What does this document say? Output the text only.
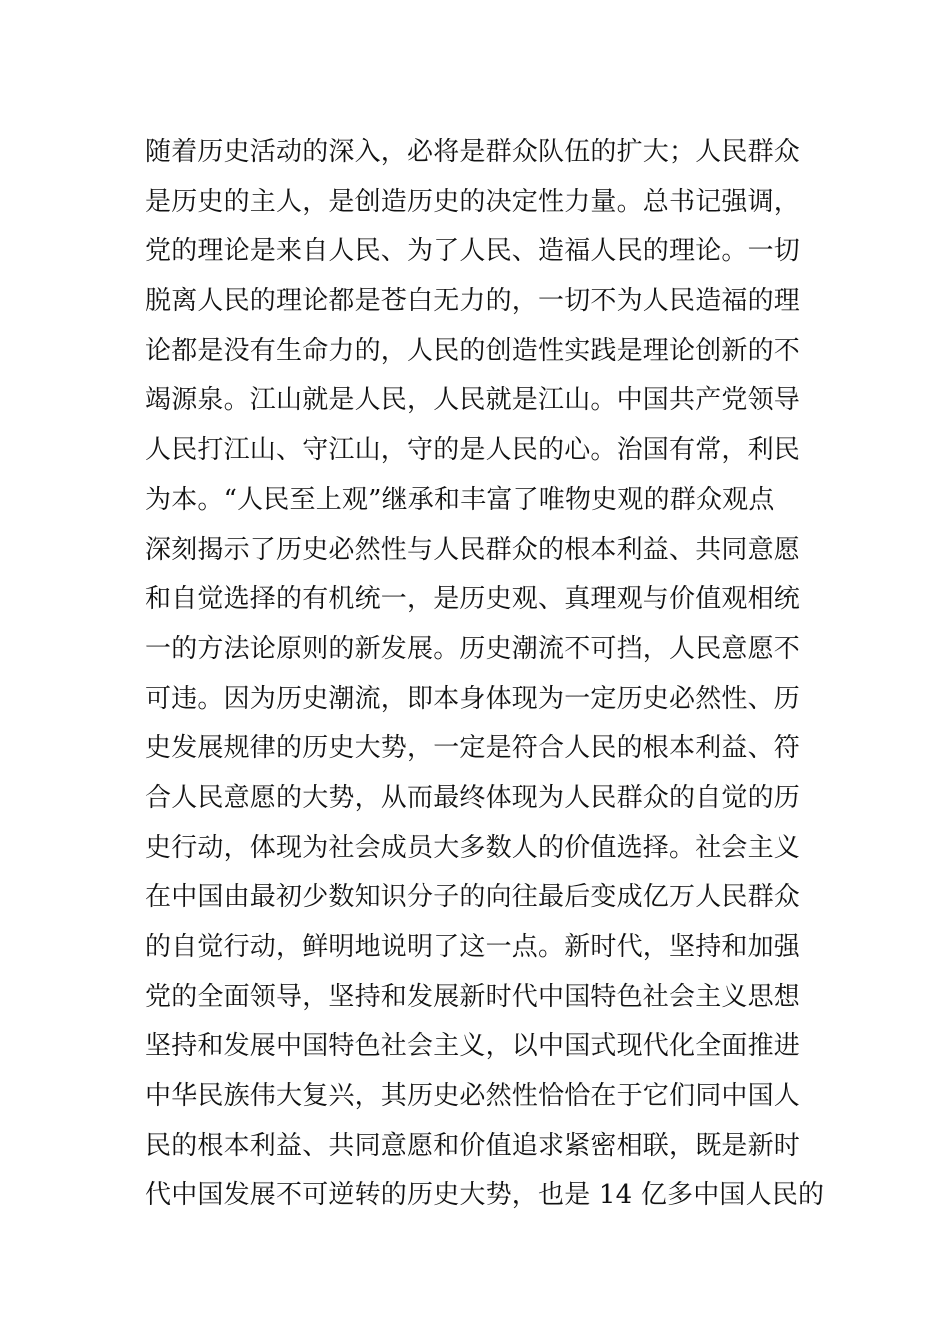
随着历史活动的深入，必将是群众队伍的扩大；人民群众
是历史的主人，是创造历史的决定性力量。总书记强调，
党的理论是来自人民、为了人民、造福人民的理论。一切
脱离人民的理论都是苍白无力的，一切不为人民造福的理
论都是没有生命力的，人民的创造性实践是理论创新的不
竭源泉。江山就是人民，人民就是江山。中国共产党领导
人民打江山、守江山，守的是人民的心。治国有常，利民
为本。“人民至上观”继承和丰富了唯物史观的群众观点
深刻揭示了历史必然性与人民群众的根本利益、共同意愿
和自觉选择的有机统一，是历史观、真理观与价值观相统
一的方法论原则的新发展。历史潮流不可挡，人民意愿不
可违。因为历史潮流，即本身体现为一定历史必然性、历
史发展规律的历史大势，一定是符合人民的根本利益、符
合人民意愿的大势，从而最终体现为人民群众的自觉的历
史行动，体现为社会成员大多数人的价值选择。社会主义
在中国由最初少数知识分子的向往最后变成亿万人民群众
的自觉行动，鲜明地说明了这一点。新时代，坚持和加强
党的全面领导，坚持和发展新时代中国特色社会主义思想
坚持和发展中国特色社会主义，以中国式现代化全面推进
中华民族伟大复兴，其历史必然性恰恰在于它们同中国人
民的根本利益、共同意愿和价值追求紧密相联，既是新时
代中国发展不可逆转的历史大势，也是 14 亿多中国人民的
